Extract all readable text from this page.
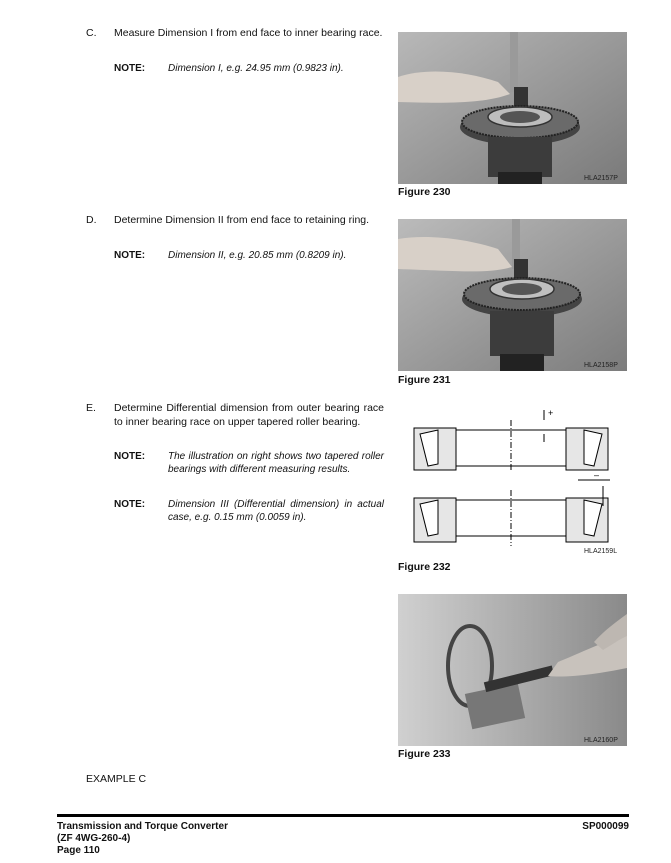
C. Measure Dimension I from end face to inner bearing race.
NOTE: Dimension I, e.g. 24.95 mm (0.9823 in).
D. Determine Dimension II from end face to retaining ring.
NOTE: Dimension II, e.g. 20.85 mm (0.8209 in).
E. Determine Differential dimension from outer bearing race to inner bearing race on upper tapered roller bearing.
NOTE: The illustration on right shows two tapered roller bearings with different measuring results.
NOTE: Dimension III (Differential dimension) in actual case, e.g. 0.15 mm (0.0059 in).
HLA2157P
Figure 230
HLA2158P
Figure 231
+
–
HLA2159L
Figure 232
HLA2160P
Figure 233
EXAMPLE C
Transmission and Torque Converter
(ZF 4WG-260-4)
Page 110
SP000099
